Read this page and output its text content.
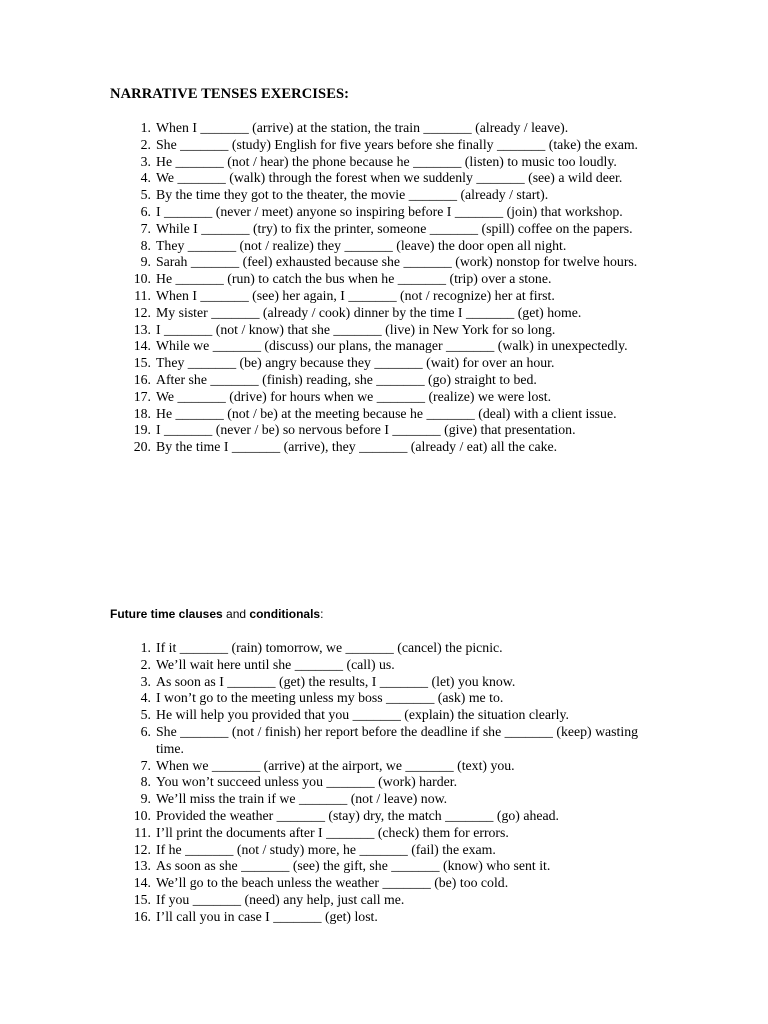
NARRATIVE TENSES EXERCISES:
1. When I _______ (arrive) at the station, the train _______ (already / leave).
2. She _______ (study) English for five years before she finally _______ (take) the exam.
3. He _______ (not / hear) the phone because he _______ (listen) to music too loudly.
4. We _______ (walk) through the forest when we suddenly _______ (see) a wild deer.
5. By the time they got to the theater, the movie _______ (already / start).
6. I _______ (never / meet) anyone so inspiring before I _______ (join) that workshop.
7. While I _______ (try) to fix the printer, someone _______ (spill) coffee on the papers.
8. They _______ (not / realize) they _______ (leave) the door open all night.
9. Sarah _______ (feel) exhausted because she _______ (work) nonstop for twelve hours.
10. He _______ (run) to catch the bus when he _______ (trip) over a stone.
11. When I _______ (see) her again, I _______ (not / recognize) her at first.
12. My sister _______ (already / cook) dinner by the time I _______ (get) home.
13. I _______ (not / know) that she _______ (live) in New York for so long.
14. While we _______ (discuss) our plans, the manager _______ (walk) in unexpectedly.
15. They _______ (be) angry because they _______ (wait) for over an hour.
16. After she _______ (finish) reading, she _______ (go) straight to bed.
17. We _______ (drive) for hours when we _______ (realize) we were lost.
18. He _______ (not / be) at the meeting because he _______ (deal) with a client issue.
19. I _______ (never / be) so nervous before I _______ (give) that presentation.
20. By the time I _______ (arrive), they _______ (already / eat) all the cake.

Future time clauses and conditionals:

1. If it _______ (rain) tomorrow, we _______ (cancel) the picnic.
2. We’ll wait here until she _______ (call) us.
3. As soon as I _______ (get) the results, I _______ (let) you know.
4. I won’t go to the meeting unless my boss _______ (ask) me to.
5. He will help you provided that you _______ (explain) the situation clearly.
6. She _______ (not / finish) her report before the deadline if she _______ (keep) wasting time.
7. When we _______ (arrive) at the airport, we _______ (text) you.
8. You won’t succeed unless you _______ (work) harder.
9. We’ll miss the train if we _______ (not / leave) now.
10. Provided the weather _______ (stay) dry, the match _______ (go) ahead.
11. I’ll print the documents after I _______ (check) them for errors.
12. If he _______ (not / study) more, he _______ (fail) the exam.
13. As soon as she _______ (see) the gift, she _______ (know) who sent it.
14. We’ll go to the beach unless the weather _______ (be) too cold.
15. If you _______ (need) any help, just call me.
16. I’ll call you in case I _______ (get) lost.
